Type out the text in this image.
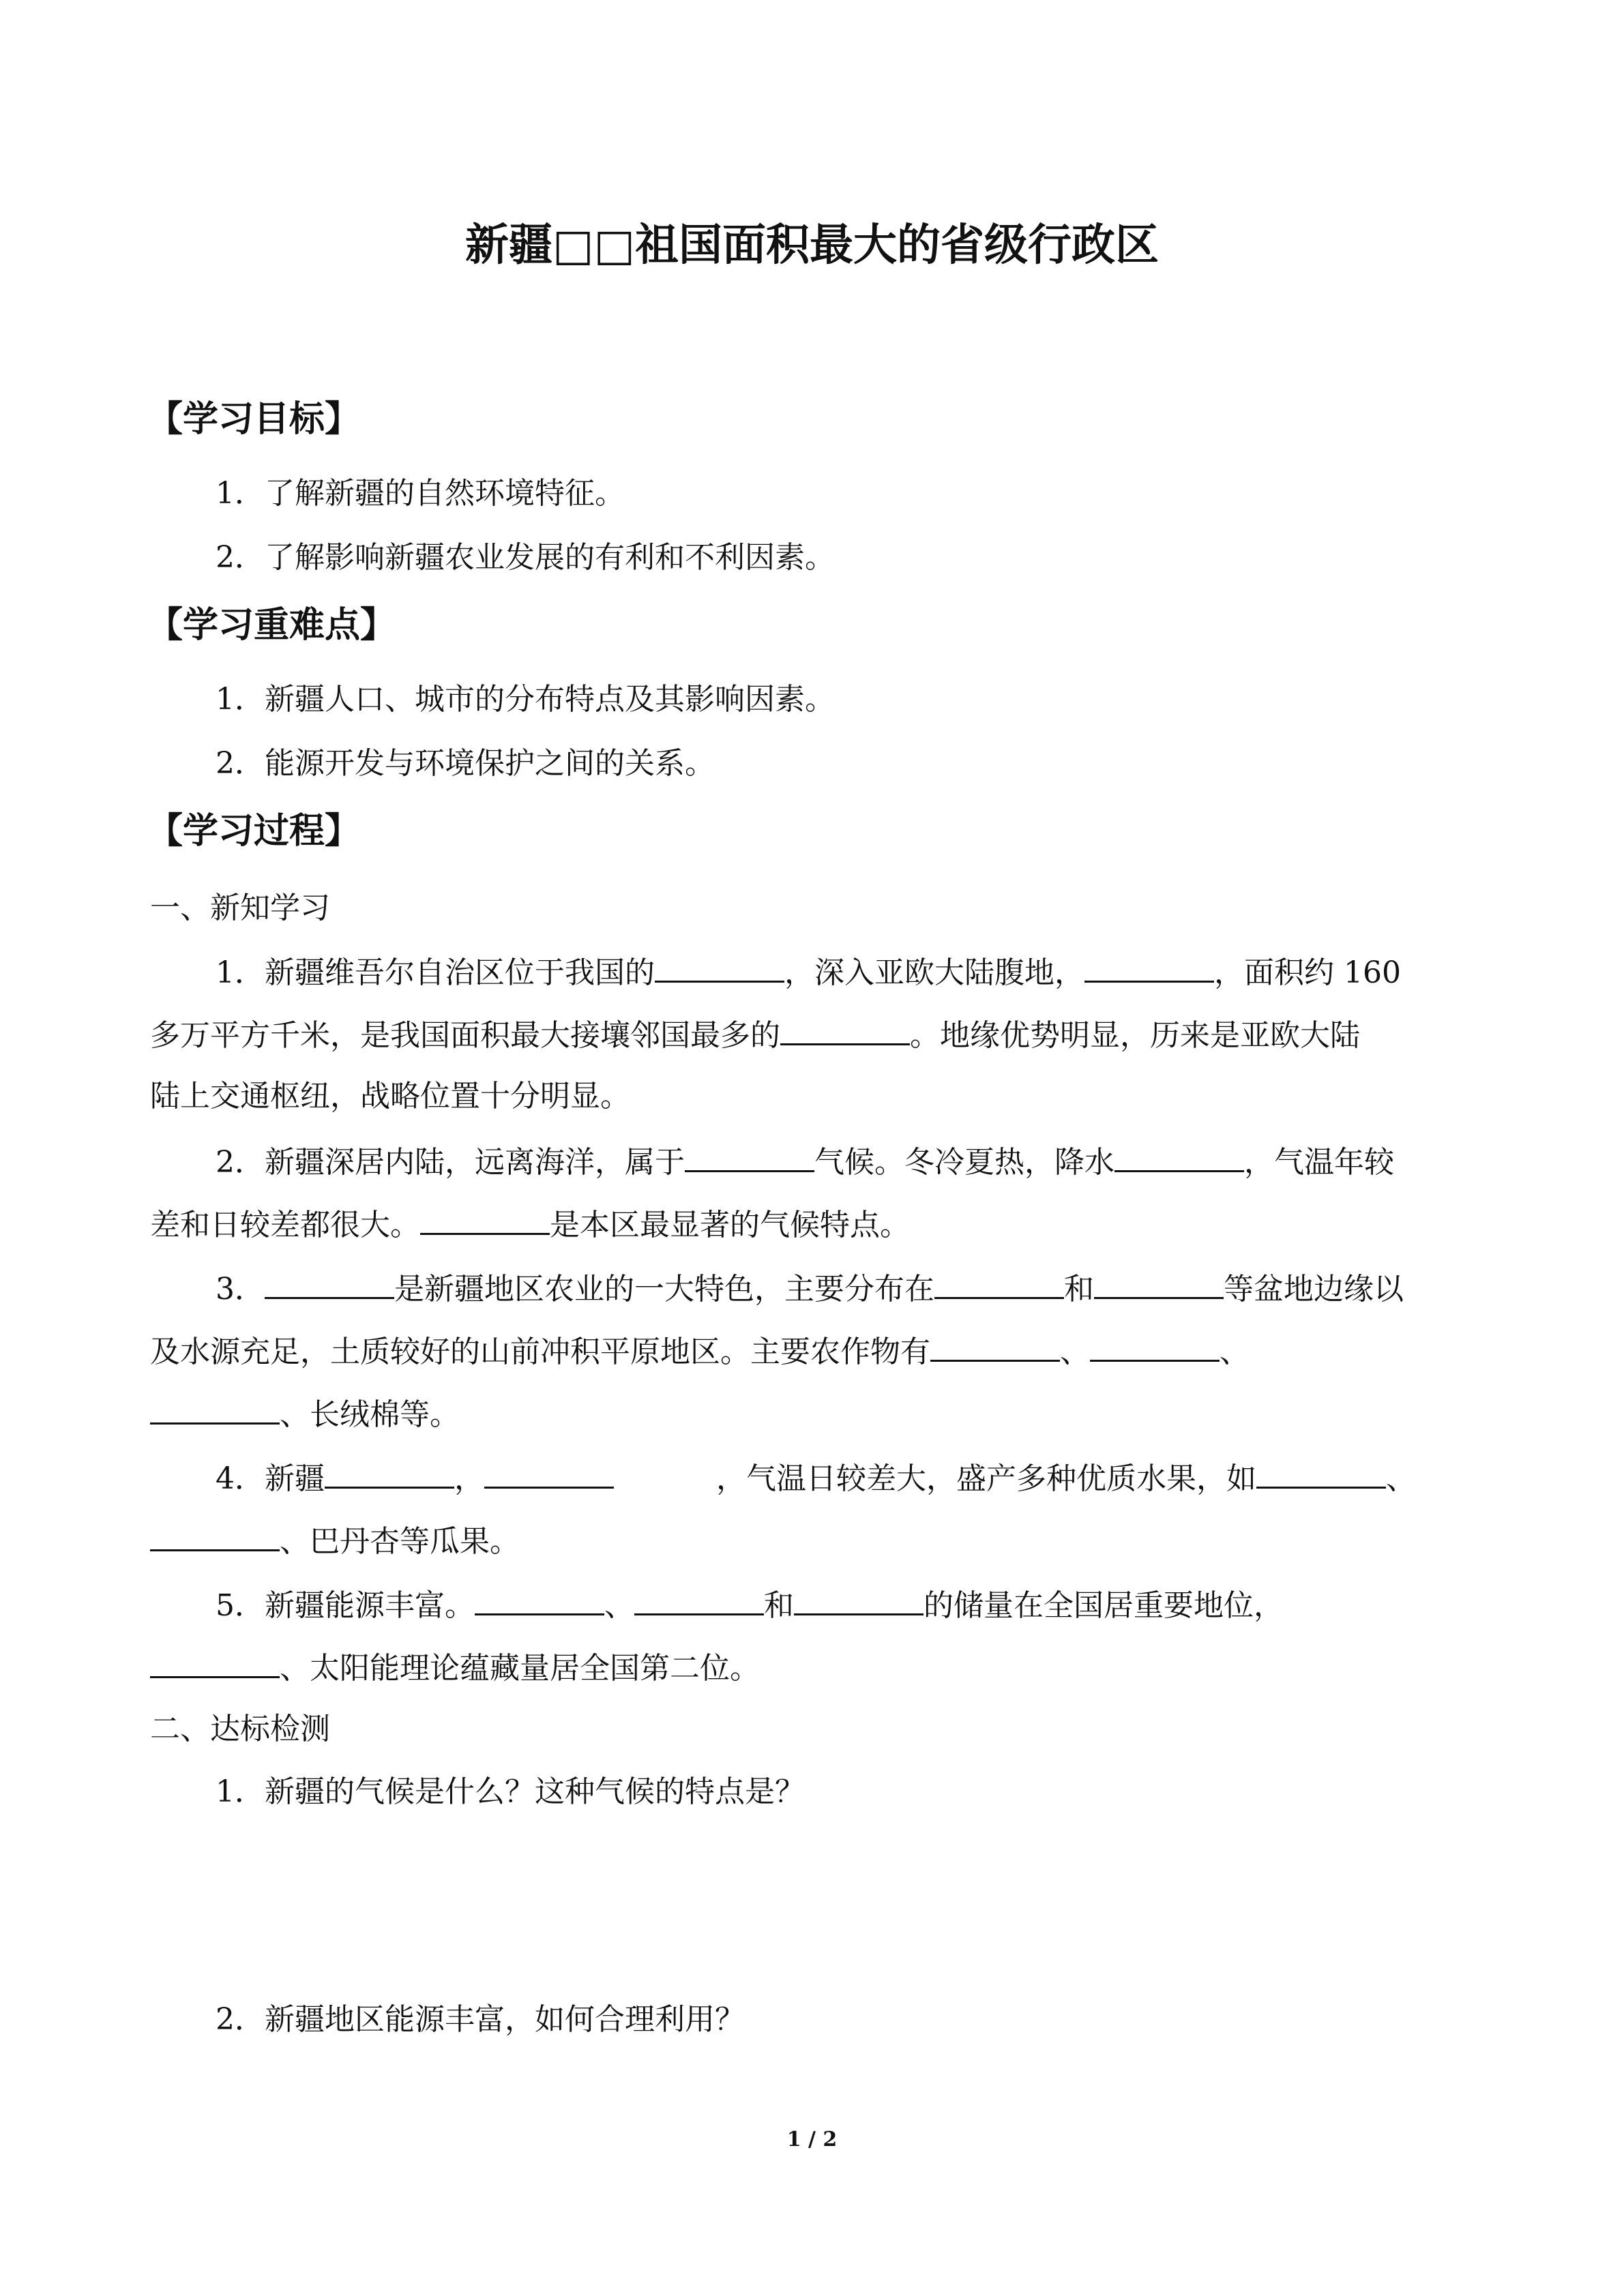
新疆□□祖国面积最大的省级行政区
【学习目标】
1．了解新疆的自然环境特征。
2．了解影响新疆农业发展的有利和不利因素。
【学习重难点】
1．新疆人口、城市的分布特点及其影响因素。
2．能源开发与环境保护之间的关系。
【学习过程】
一、新知学习
1．新疆维吾尔自治区位于我国的	，深入亚欧大陆腹地，	，面积约 160
多万平方千米，是我国面积最大接壤邻国最多的	。地缘优势明显，历来是亚欧大陆
陆上交通枢纽，战略位置十分明显。
2．新疆深居内陆，远离海洋，属于	气候。冬冷夏热，降水	，气温年较
差和日较差都很大。	是本区最显著的气候特点。
3．	是新疆地区农业的一大特色，主要分布在	和	等盆地边缘以
及水源充足，土质较好的山前冲积平原地区。主要农作物有	、	、
、长绒棉等。
4．新疆	，	，气温日较差大，盛产多种优质水果，如	、
、巴丹杏等瓜果。
5．新疆能源丰富。	、	和	的储量在全国居重要地位，
、太阳能理论蕴藏量居全国第二位。
二、达标检测
1．新疆的气候是什么？这种气候的特点是？
2．新疆地区能源丰富，如何合理利用？
1 / 2
